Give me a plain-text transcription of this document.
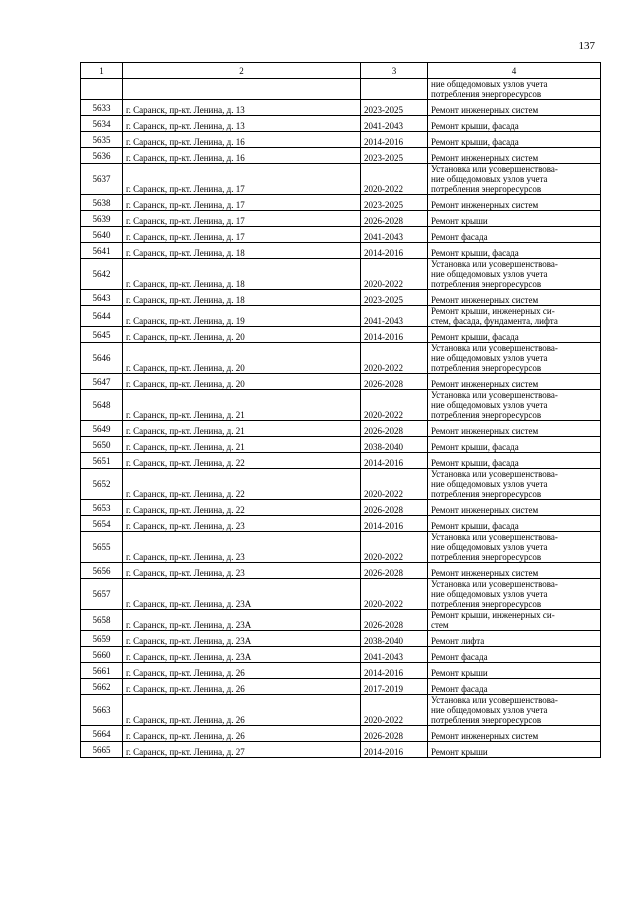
137
1	2	3	4
			ние общедомовых узлов учета
потребления энергоресурсов
5633	г. Саранск, пр-кт. Ленина, д. 13	2023-2025	Ремонт инженерных систем
5634	г. Саранск, пр-кт. Ленина, д. 13	2041-2043	Ремонт крыши, фасада
5635	г. Саранск, пр-кт. Ленина, д. 16	2014-2016	Ремонт крыши, фасада
5636	г. Саранск, пр-кт. Ленина, д. 16	2023-2025	Ремонт инженерных систем
5637	г. Саранск, пр-кт. Ленина, д. 17	2020-2022	Установка или усовершенствова-
ние общедомовых узлов учета
потребления энергоресурсов
5638	г. Саранск, пр-кт. Ленина, д. 17	2023-2025	Ремонт инженерных систем
5639	г. Саранск, пр-кт. Ленина, д. 17	2026-2028	Ремонт крыши
5640	г. Саранск, пр-кт. Ленина, д. 17	2041-2043	Ремонт фасада
5641	г. Саранск, пр-кт. Ленина, д. 18	2014-2016	Ремонт крыши, фасада
5642	г. Саранск, пр-кт. Ленина, д. 18	2020-2022	Установка или усовершенствова-
ние общедомовых узлов учета
потребления энергоресурсов
5643	г. Саранск, пр-кт. Ленина, д. 18	2023-2025	Ремонт инженерных систем
5644	г. Саранск, пр-кт. Ленина, д. 19	2041-2043	Ремонт крыши, инженерных си-
стем, фасада, фундамента, лифта
5645	г. Саранск, пр-кт. Ленина, д. 20	2014-2016	Ремонт крыши, фасада
5646	г. Саранск, пр-кт. Ленина, д. 20	2020-2022	Установка или усовершенствова-
ние общедомовых узлов учета
потребления энергоресурсов
5647	г. Саранск, пр-кт. Ленина, д. 20	2026-2028	Ремонт инженерных систем
5648	г. Саранск, пр-кт. Ленина, д. 21	2020-2022	Установка или усовершенствова-
ние общедомовых узлов учета
потребления энергоресурсов
5649	г. Саранск, пр-кт. Ленина, д. 21	2026-2028	Ремонт инженерных систем
5650	г. Саранск, пр-кт. Ленина, д. 21	2038-2040	Ремонт крыши, фасада
5651	г. Саранск, пр-кт. Ленина, д. 22	2014-2016	Ремонт крыши, фасада
5652	г. Саранск, пр-кт. Ленина, д. 22	2020-2022	Установка или усовершенствова-
ние общедомовых узлов учета
потребления энергоресурсов
5653	г. Саранск, пр-кт. Ленина, д. 22	2026-2028	Ремонт инженерных систем
5654	г. Саранск, пр-кт. Ленина, д. 23	2014-2016	Ремонт крыши, фасада
5655	г. Саранск, пр-кт. Ленина, д. 23	2020-2022	Установка или усовершенствова-
ние общедомовых узлов учета
потребления энергоресурсов
5656	г. Саранск, пр-кт. Ленина, д. 23	2026-2028	Ремонт инженерных систем
5657	г. Саранск, пр-кт. Ленина, д. 23А	2020-2022	Установка или усовершенствова-
ние общедомовых узлов учета
потребления энергоресурсов
5658	г. Саранск, пр-кт. Ленина, д. 23А	2026-2028	Ремонт крыши, инженерных си-
стем
5659	г. Саранск, пр-кт. Ленина, д. 23А	2038-2040	Ремонт лифта
5660	г. Саранск, пр-кт. Ленина, д. 23А	2041-2043	Ремонт фасада
5661	г. Саранск, пр-кт. Ленина, д. 26	2014-2016	Ремонт крыши
5662	г. Саранск, пр-кт. Ленина, д. 26	2017-2019	Ремонт фасада
5663	г. Саранск, пр-кт. Ленина, д. 26	2020-2022	Установка или усовершенствова-
ние общедомовых узлов учета
потребления энергоресурсов
5664	г. Саранск, пр-кт. Ленина, д. 26	2026-2028	Ремонт инженерных систем
5665	г. Саранск, пр-кт. Ленина, д. 27	2014-2016	Ремонт крыши
